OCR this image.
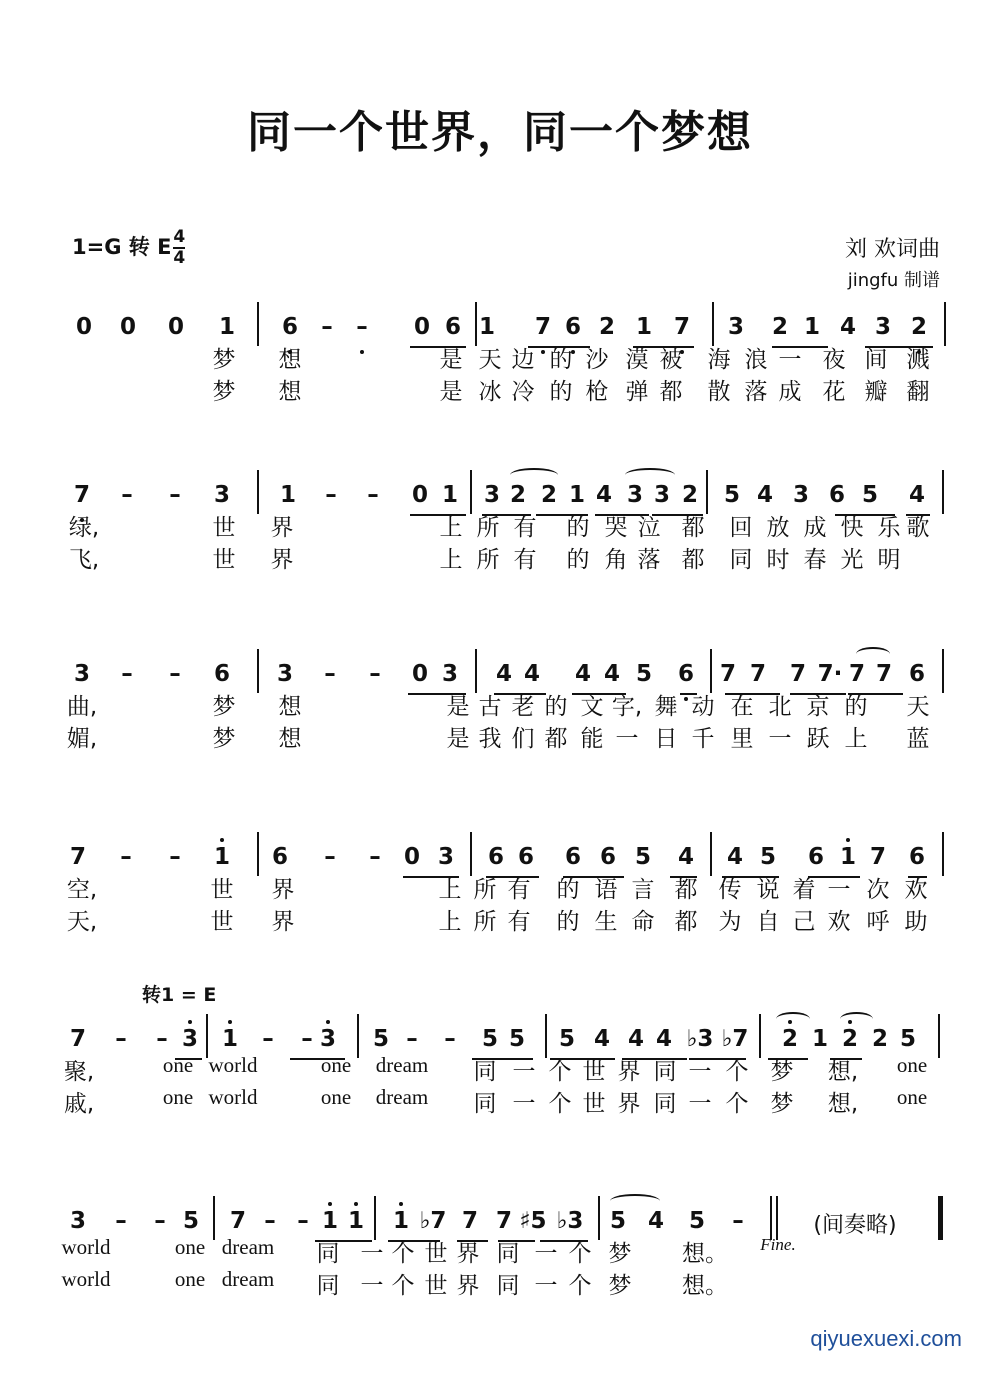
同一个世界，同一个梦想
1=G 转 E $\frac{4}{4}$	刘 欢词曲
jingfu 制谱
转1 = E
qiyuexuexi.com
0 0 0 1 6 – – 0 6 1 7 6 2 1 7 3 2 1 4 3 2
梦 想	是 天 边 的 沙 漠 被 海 浪 一 夜 间 溅
梦 想	是 冰 冷 的 枪 弹 都 散 落 成 花 瓣 翻
7 – – 3 1 – – 0 1 3 2 2 1 4 3 3 2 5 4 3 6 5 4
绿,	世 界	上 所 有 的 哭 泣 都 回 放 成 快 乐 歌
飞,	世 界	上 所 有 的 角 落 都 同 时 春 光 明
3 – – 6 3 – – 0 3 4 4 4 4 5 6 7 7 7 7· 7 7 6
曲,	梦 想	是 古 老 的 文 字, 舞 动 在 北 京 的 天
媚,	梦 想	是 我 们 都 能 一 日 千 里 一 跃 上 蓝
7 – – 1 6 – – 0 3 6 6 6 6 5 4 4 5 6 1 7 6
空,	世 界	上 所 有 的 语 言 都 传 说 着 一 次 欢
天,	世 界	上 所 有 的 生 命 都 为 自 己 欢 呼 助
7 – – 3 1 – – 3 5 – – 5 5 5 4 4 4 ♭3 ♭7 2 1 2 2 5
聚,	one world	one dream 同 一 个 世 界 同 一 个 梦 想, one
戚,	one world	one dream 同 一 个 世 界 同 一 个 梦 想, one
3 – – 5 7 – – 1 1 1 ♭7 7 7 ♯5 ♭3 5 4 5 –	(间奏略)
world	one dream 同 一 个 世 界 同 一 个 梦 想。 Fine.
world	one dream 同 一 个 世 界 同 一 个 梦 想。
